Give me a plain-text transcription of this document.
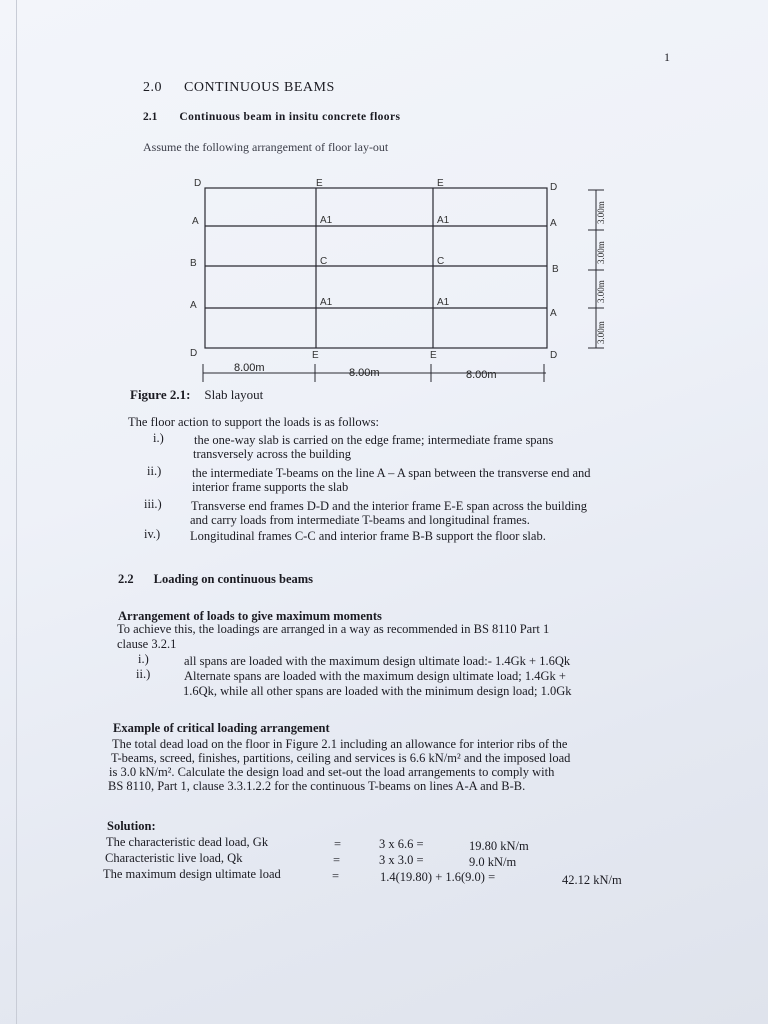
1
2.0 CONTINUOUS BEAMS
2.1 Continuous beam in insitu concrete floors
Assume the following arrangement of floor lay-out
D	E	E	D
D	E	E	D
A
B
A
A
B
A
A1	A1
C	C
A1	A1
8.00m	8.00m	8.00m
3.00m
3.00m
3.00m
3.00m
Figure 2.1: Slab layout
The floor action to support the loads is as follows:
i.) the one-way slab is carried on the edge frame; intermediate frame spans
transversely across the building
ii.) the intermediate T-beams on the line A – A span between the transverse end and
interior frame supports the slab
iii.) Transverse end frames D-D and the interior frame E-E span across the building
and carry loads from intermediate T-beams and longitudinal frames.
iv.) Longitudinal frames C-C and interior frame B-B support the floor slab.
2.2 Loading on continuous beams
Arrangement of loads to give maximum moments
To achieve this, the loadings are arranged in a way as recommended in BS 8110 Part 1
clause 3.2.1
i.)	all spans are loaded with the maximum design ultimate load:- 1.4Gk + 1.6Qk
ii.)	Alternate spans are loaded with the maximum design ultimate load; 1.4Gk +
1.6Qk, while all other spans are loaded with the minimum design load; 1.0Gk
Example of critical loading arrangement
The total dead load on the floor in Figure 2.1 including an allowance for interior ribs of the
T-beams, screed, finishes, partitions, ceiling and services is 6.6 kN/m² and the imposed load
is 3.0 kN/m². Calculate the design load and set-out the load arrangements to comply with
BS 8110, Part 1, clause 3.3.1.2.2 for the continuous T-beams on lines A-A and B-B.
Solution:
The characteristic dead load, Gk	=	3 x 6.6 =	19.80 kN/m
Characteristic live load, Qk	=	3 x 3.0 =	9.0 kN/m
The maximum design ultimate load	=	1.4(19.80) + 1.6(9.0) =	42.12 kN/m
